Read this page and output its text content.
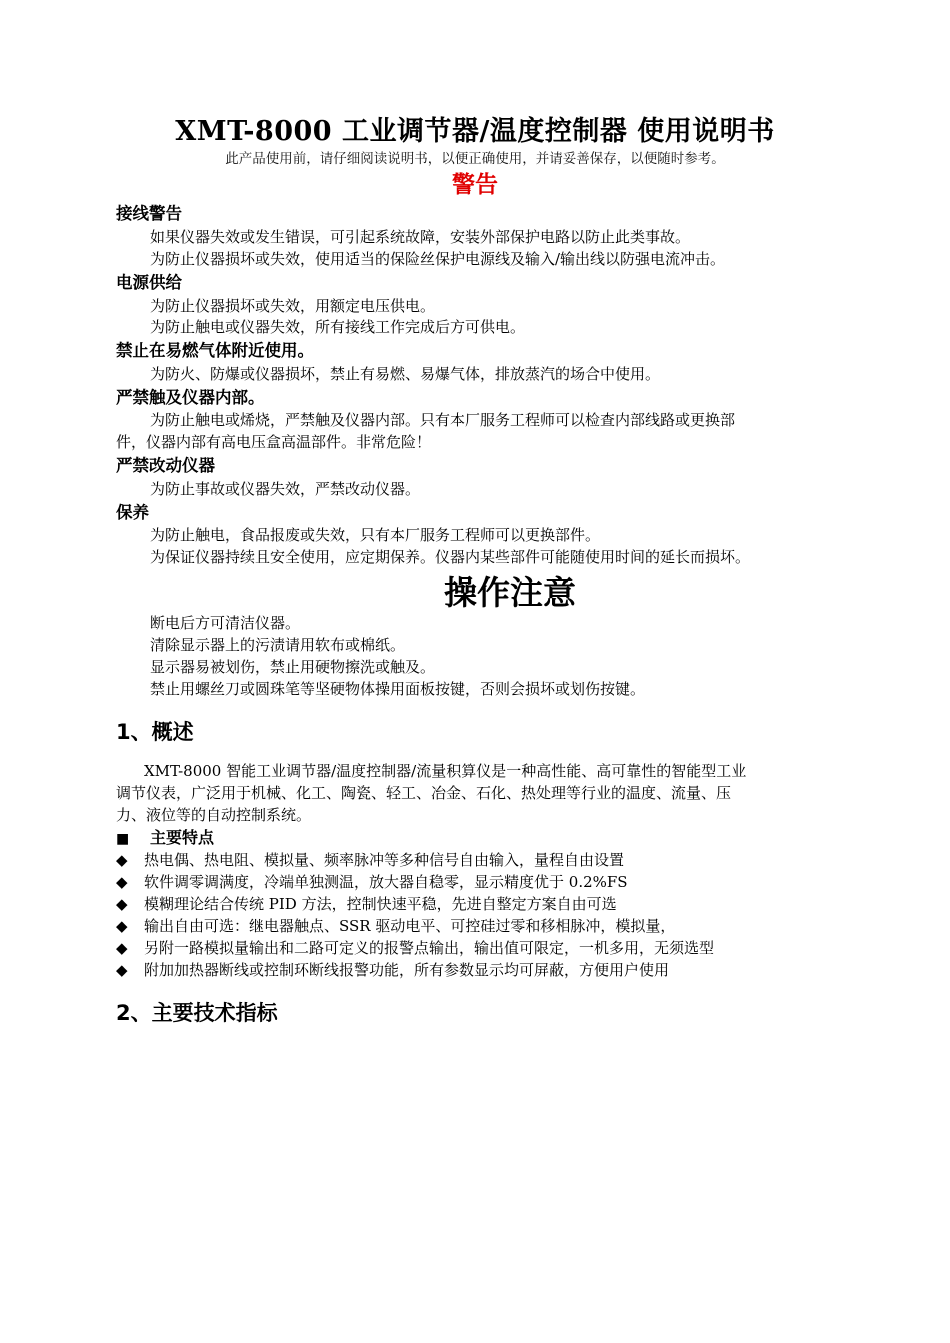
XMT-8000 工业调节器/温度控制器 使用说明书
此产品使用前，请仔细阅读说明书，以便正确使用，并请妥善保存，以便随时参考。
警告
接线警告
如果仪器失效或发生错误，可引起系统故障，安装外部保护电路以防止此类事故。
为防止仪器损坏或失效，使用适当的保险丝保护电源线及输入/输出线以防强电流冲击。
电源供给
为防止仪器损坏或失效，用额定电压供电。
为防止触电或仪器失效，所有接线工作完成后方可供电。
禁止在易燃气体附近使用。
为防火、防爆或仪器损坏，禁止有易燃、易爆气体，排放蒸汽的场合中使用。
严禁触及仪器内部。
为防止触电或烯烧，严禁触及仪器内部。只有本厂服务工程师可以检查内部线路或更换部
件，仪器内部有高电压盒高温部件。非常危险！
严禁改动仪器
为防止事故或仪器失效，严禁改动仪器。
保养
为防止触电，食品报废或失效，只有本厂服务工程师可以更换部件。
为保证仪器持续且安全使用，应定期保养。仪器内某些部件可能随使用时间的延长而损坏。
操作注意
断电后方可清洁仪器。
清除显示器上的污渍请用软布或棉纸。
显示器易被划伤，禁止用硬物擦洗或触及。
禁止用螺丝刀或圆珠笔等坚硬物体操用面板按键，否则会损坏或划伤按键。
1、概述
XMT-8000 智能工业调节器/温度控制器/流量积算仪是一种高性能、高可靠性的智能型工业
调节仪表，广泛用于机械、化工、陶瓷、轻工、冶金、石化、热处理等行业的温度、流量、压
力、液位等的自动控制系统。
■ 主要特点
◆ 热电偶、热电阻、模拟量、频率脉冲等多种信号自由输入，量程自由设置
◆ 软件调零调满度，冷端单独测温，放大器自稳零，显示精度优于 0.2%FS
◆ 模糊理论结合传统 PID 方法，控制快速平稳，先进自整定方案自由可选
◆ 输出自由可选：继电器触点、SSR 驱动电平、可控硅过零和移相脉冲，模拟量，
◆ 另附一路模拟量输出和二路可定义的报警点输出，输出值可限定，一机多用，无须选型
◆ 附加加热器断线或控制环断线报警功能，所有参数显示均可屏蔽，方便用户使用
2、主要技术指标
